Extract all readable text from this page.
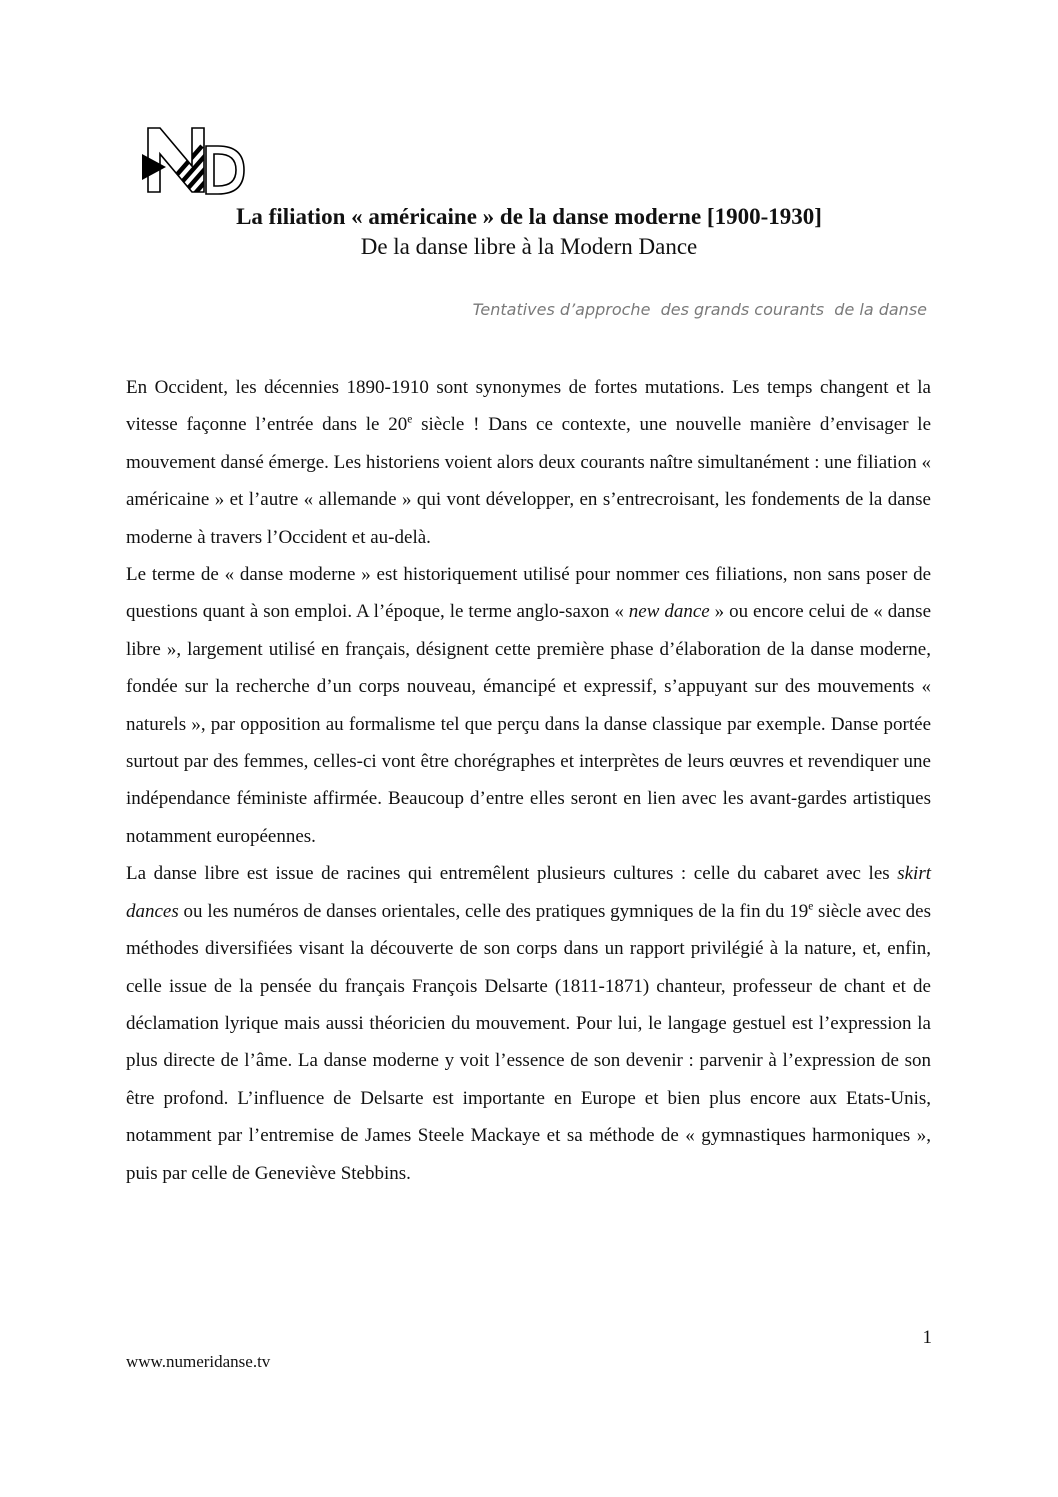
La filiation « américaine » de la danse moderne [1900-1930]
De la danse libre à la Modern Dance

Tentatives d’approche  des grands courants  de la danse

En Occident, les décennies 1890-1910 sont synonymes de fortes mutations. Les temps changent et la vitesse façonne l’entrée dans le 20e siècle ! Dans ce contexte, une nouvelle manière d’envisager le mouvement dansé émerge. Les historiens voient alors deux courants naître simultanément : une filiation « américaine » et l’autre « allemande » qui vont développer, en s’entrecroisant, les fondements de la danse moderne à travers l’Occident et au-delà.

Le terme de « danse moderne » est historiquement utilisé pour nommer ces filiations, non sans poser de questions quant à son emploi. A l’époque, le terme anglo-saxon « new dance » ou encore celui de « danse libre », largement utilisé en français, désignent cette première phase d’élaboration de la danse moderne, fondée sur la recherche d’un corps nouveau, émancipé et expressif, s’appuyant sur des mouvements « naturels », par opposition au formalisme tel que perçu dans la danse classique par exemple. Danse portée surtout par des femmes, celles-ci vont être chorégraphes et interprètes de leurs œuvres et revendiquer une indépendance féministe affirmée. Beaucoup d’entre elles seront en lien avec les avant-gardes artistiques notamment européennes.

La danse libre est issue de racines qui entremêlent plusieurs cultures : celle du cabaret avec les skirt dances ou les numéros de danses orientales, celle des pratiques gymniques de la fin du 19e siècle avec des méthodes diversifiées visant la découverte de son corps dans un rapport privilégié à la nature, et, enfin, celle issue de la pensée du français François Delsarte (1811-1871) chanteur, professeur de chant et de déclamation lyrique mais aussi théoricien du mouvement. Pour lui, le langage gestuel est l’expression la plus directe de l’âme. La danse moderne y voit l’essence de son devenir : parvenir à l’expression de son être profond. L’influence de Delsarte est importante en Europe et bien plus encore aux Etats-Unis, notamment par l’entremise de James Steele Mackaye et sa méthode de « gymnastiques harmoniques », puis par celle de Geneviève Stebbins.

1

www.numeridanse.tv
